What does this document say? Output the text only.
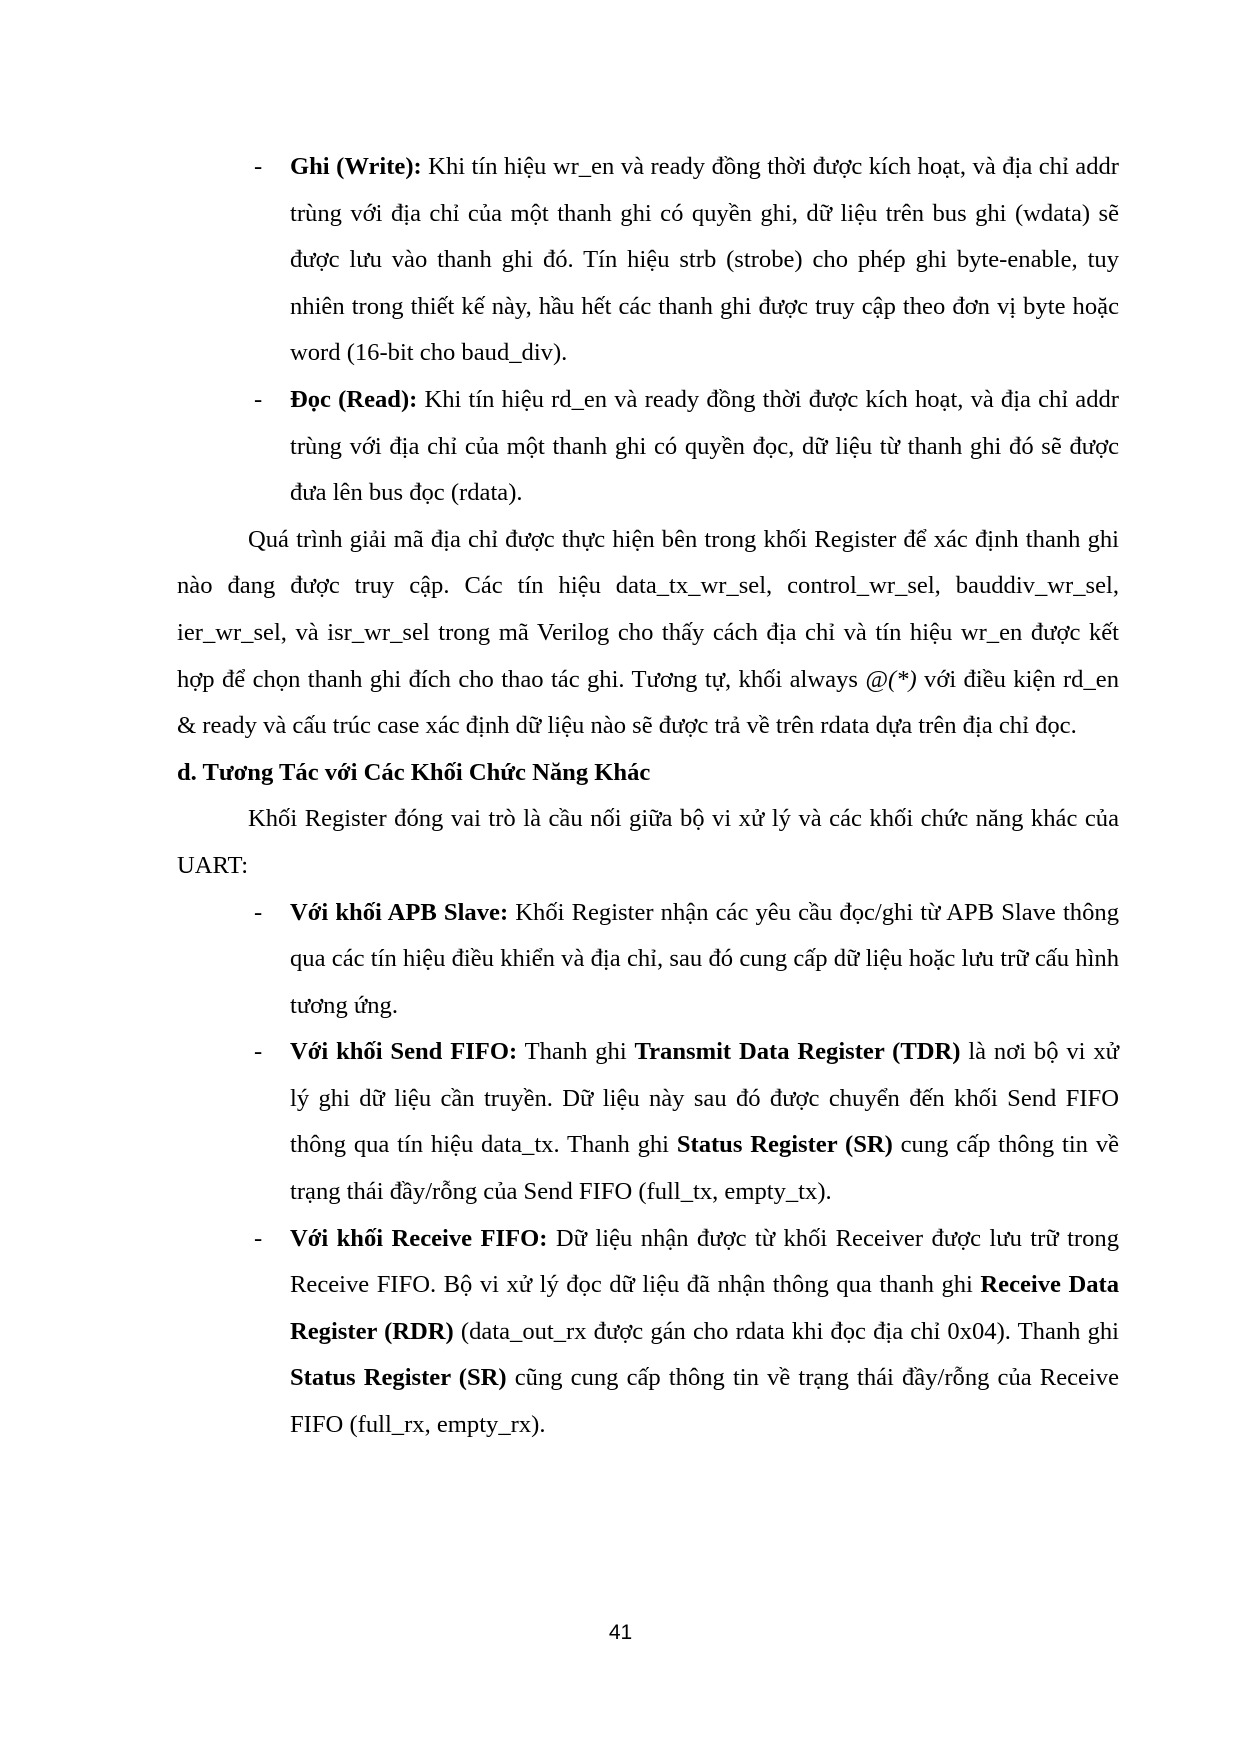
- Ghi (Write): Khi tín hiệu wr_en và ready đồng thời được kích hoạt, và địa chỉ addr trùng với địa chỉ của một thanh ghi có quyền ghi, dữ liệu trên bus ghi (wdata) sẽ được lưu vào thanh ghi đó. Tín hiệu strb (strobe) cho phép ghi byte-enable, tuy nhiên trong thiết kế này, hầu hết các thanh ghi được truy cập theo đơn vị byte hoặc word (16-bit cho baud_div).

- Đọc (Read): Khi tín hiệu rd_en và ready đồng thời được kích hoạt, và địa chỉ addr trùng với địa chỉ của một thanh ghi có quyền đọc, dữ liệu từ thanh ghi đó sẽ được đưa lên bus đọc (rdata).

Quá trình giải mã địa chỉ được thực hiện bên trong khối Register để xác định thanh ghi nào đang được truy cập. Các tín hiệu data_tx_wr_sel, control_wr_sel, bauddiv_wr_sel, ier_wr_sel, và isr_wr_sel trong mã Verilog cho thấy cách địa chỉ và tín hiệu wr_en được kết hợp để chọn thanh ghi đích cho thao tác ghi. Tương tự, khối always @(*) với điều kiện rd_en & ready và cấu trúc case xác định dữ liệu nào sẽ được trả về trên rdata dựa trên địa chỉ đọc.

d. Tương Tác với Các Khối Chức Năng Khác

Khối Register đóng vai trò là cầu nối giữa bộ vi xử lý và các khối chức năng khác của UART:

- Với khối APB Slave: Khối Register nhận các yêu cầu đọc/ghi từ APB Slave thông qua các tín hiệu điều khiển và địa chỉ, sau đó cung cấp dữ liệu hoặc lưu trữ cấu hình tương ứng.

- Với khối Send FIFO: Thanh ghi Transmit Data Register (TDR) là nơi bộ vi xử lý ghi dữ liệu cần truyền. Dữ liệu này sau đó được chuyển đến khối Send FIFO thông qua tín hiệu data_tx. Thanh ghi Status Register (SR) cung cấp thông tin về trạng thái đầy/rỗng của Send FIFO (full_tx, empty_tx).

- Với khối Receive FIFO: Dữ liệu nhận được từ khối Receiver được lưu trữ trong Receive FIFO. Bộ vi xử lý đọc dữ liệu đã nhận thông qua thanh ghi Receive Data Register (RDR) (data_out_rx được gán cho rdata khi đọc địa chỉ 0x04). Thanh ghi Status Register (SR) cũng cung cấp thông tin về trạng thái đầy/rỗng của Receive FIFO (full_rx, empty_rx).

41
